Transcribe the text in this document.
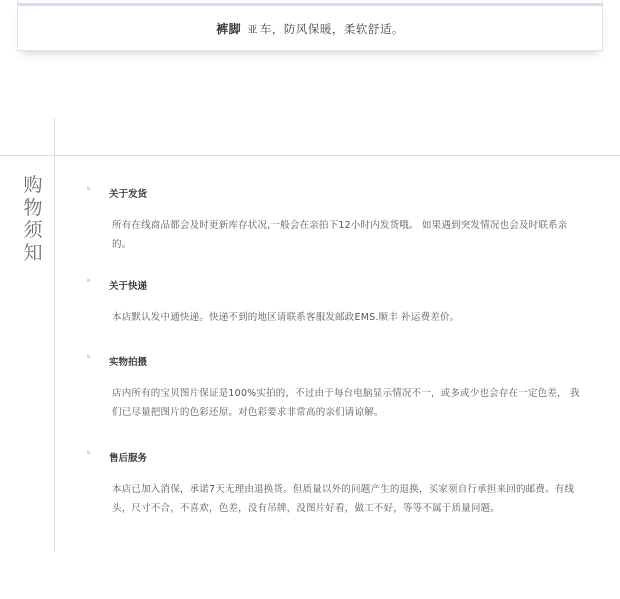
裤脚 亚 车，防风保暖，柔软舒适。
购
物
须
知
关于发货

所有在线商品都会及时更新库存状况,一般会在亲拍下12小时内发货哦。 如果遇到突发情况也会及时联系亲的。

关于快递

本店默认发中通快递。快递不到的地区请联系客服发邮政EMS.顺丰 补运费差价。

实物拍摄

店内所有的宝贝图片保证是100%实拍的，不过由于每台电脑显示情况不一，或多或少也会存在一定色差， 我们已尽量把图片的色彩还原。对色彩要求非常高的亲们请谅解。

售后服务

本店已加入消保，承诺7天无理由退换货。但质量以外的问题产生的退换，买家须自行承担来回的邮费。有线头，尺寸不合，不喜欢，色差，没有吊牌，没图片好看，做工不好，等等不属于质量问题。
